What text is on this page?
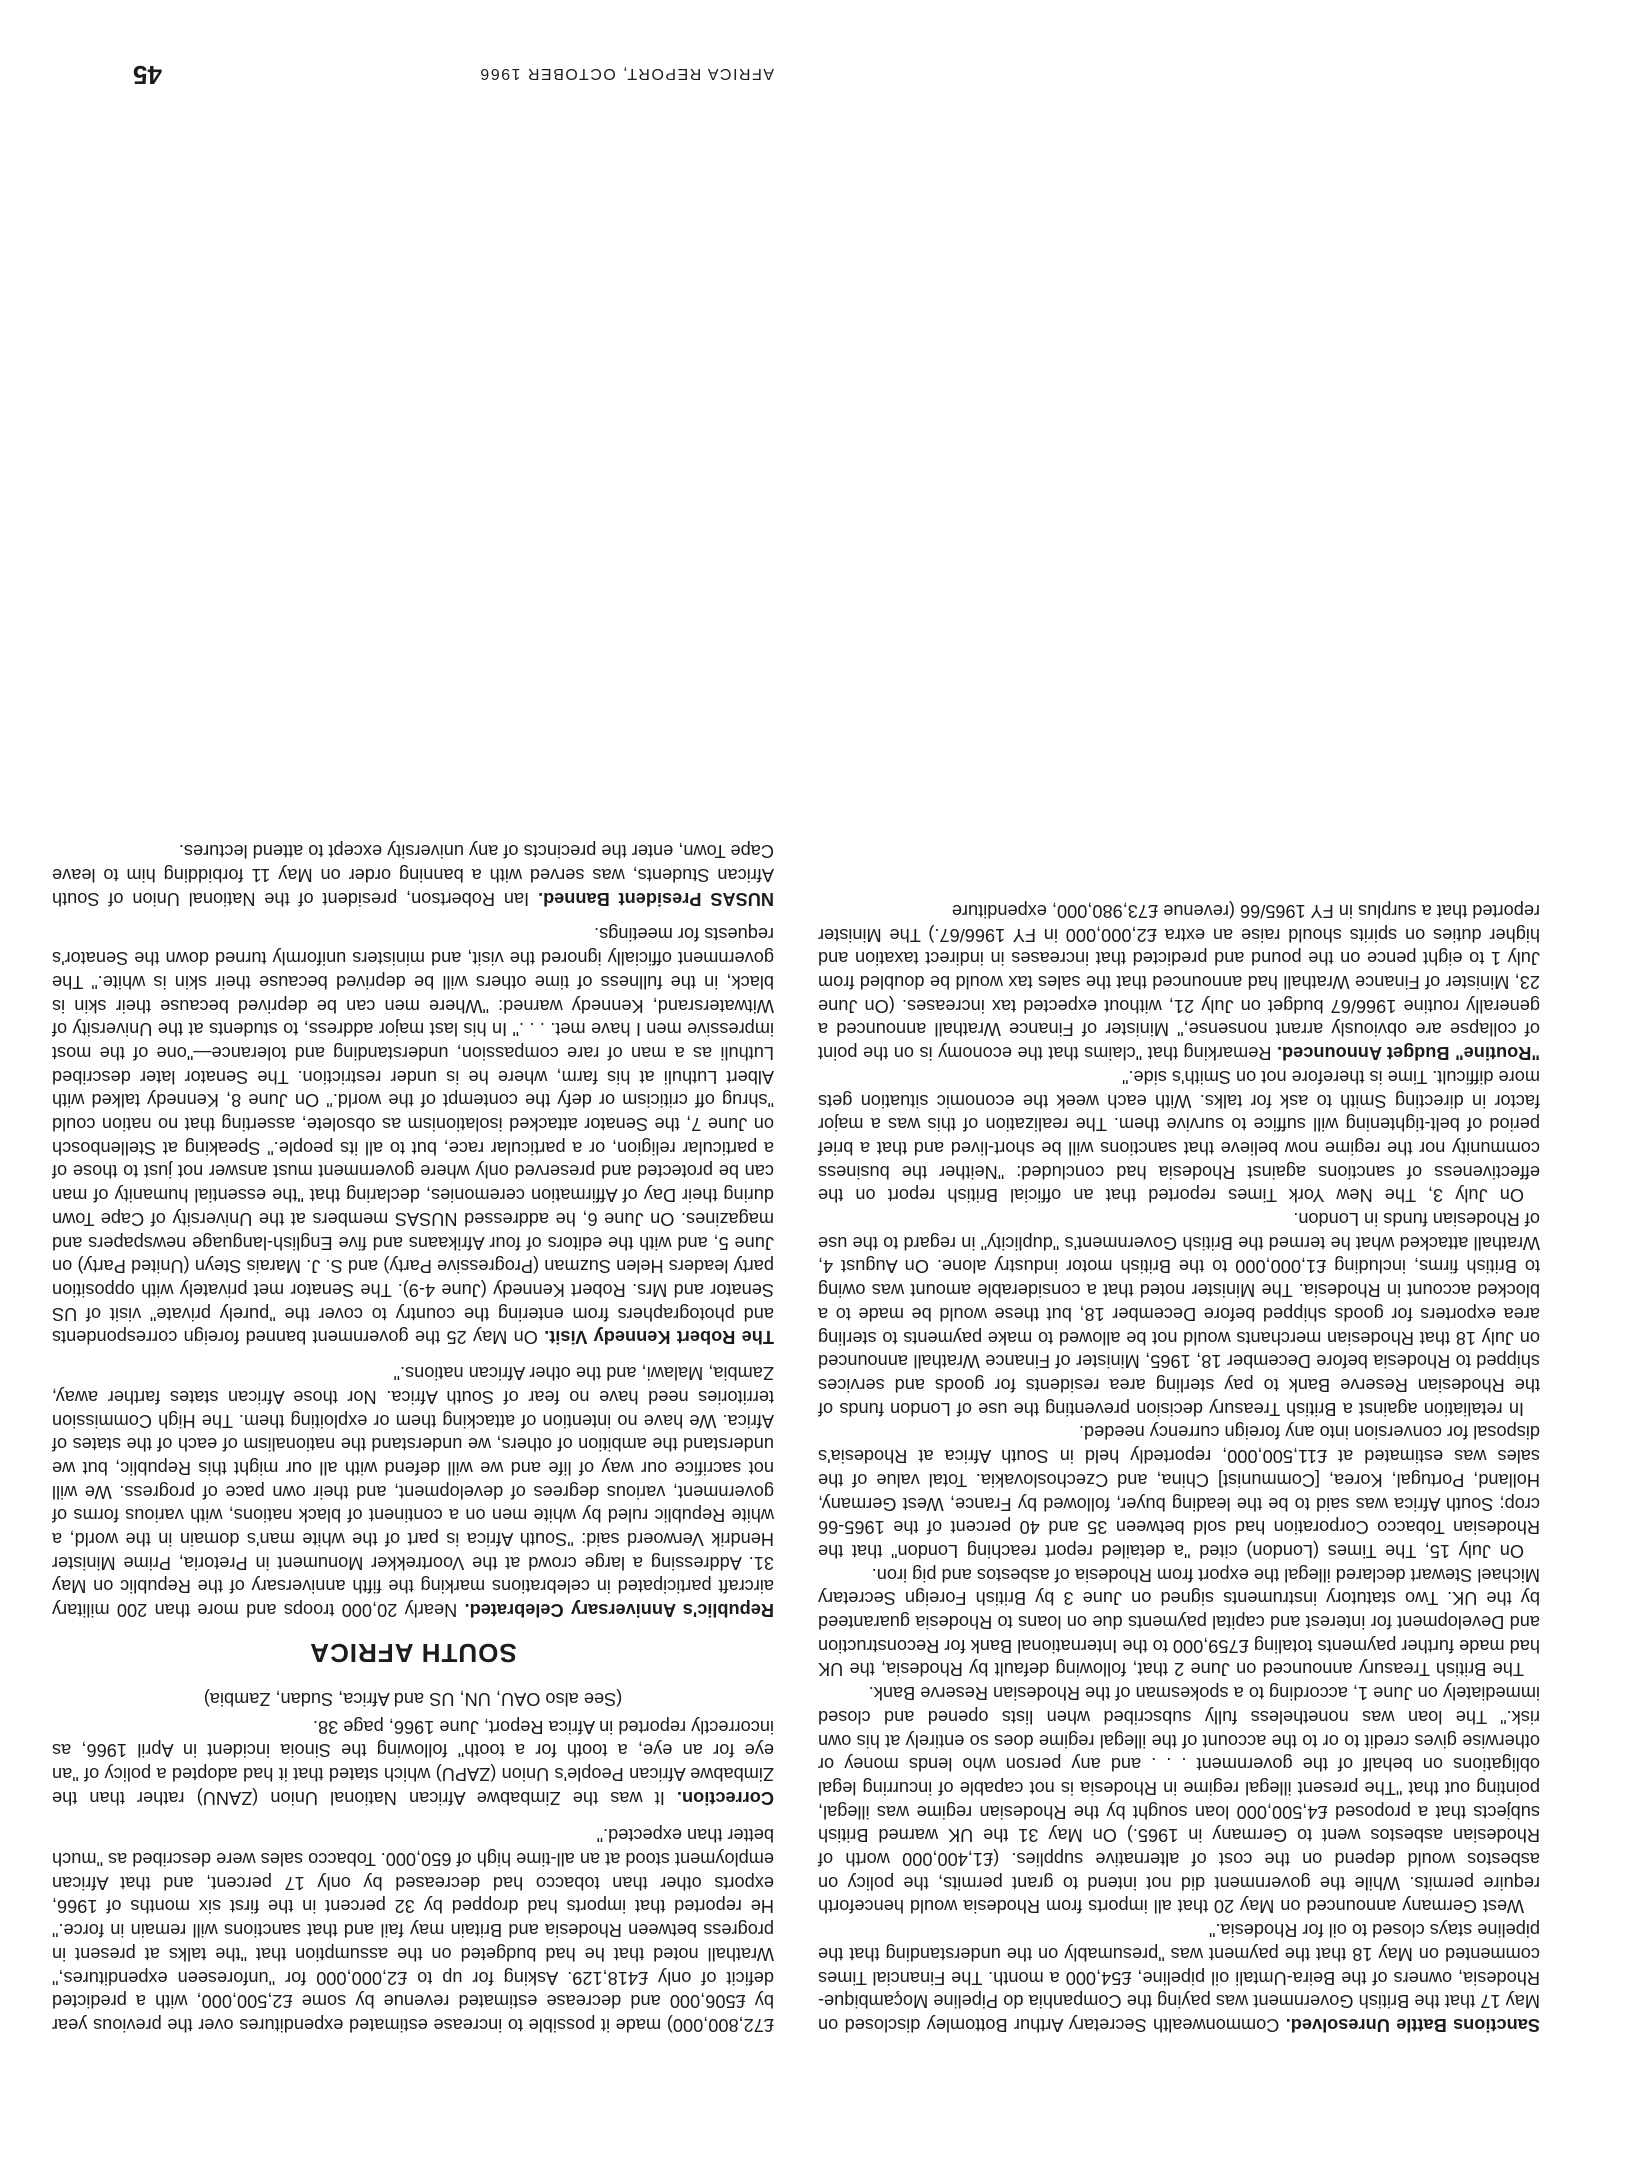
Sanctions Battle Unresolved. Commonwealth Secretary Arthur Bottomley disclosed on May 17 that the British Government was paying the Companhia do Pipeline Moçambique-Rhodesia, owners of the Beira-Umtali oil pipeline, £54,000 a month. The Financial Times commented on May 18 that the payment was "presumably on the understanding that the pipeline stays closed to oil for Rhodesia."

West Germany announced on May 20 that all imports from Rhodesia would henceforth require permits. While the government did not intend to grant permits, the policy on asbestos would depend on the cost of alternative supplies. (£1,400,000 worth of Rhodesian asbestos went to Germany in 1965.) On May 31 the UK warned British subjects that a proposed £4,500,000 loan sought by the Rhodesian regime was illegal, pointing out that "The present illegal regime in Rhodesia is not capable of incurring legal obligations on behalf of the government . . . and any person who lends money or otherwise gives credit to or to the account of the illegal regime does so entirely at his own risk." The loan was nonetheless fully subscribed when lists opened and closed immediately on June 1, according to a spokesman of the Rhodesian Reserve Bank.

The British Treasury announced on June 2 that, following default by Rhodesia, the UK had made further payments totaling £759,000 to the International Bank for Reconstruction and Development for interest and capital payments due on loans to Rhodesia guaranteed by the UK. Two statutory instruments signed on June 3 by British Foreign Secretary Michael Stewart declared illegal the export from Rhodesia of asbestos and pig iron.

On July 15, The Times (London) cited "a detailed report reaching London" that the Rhodesian Tobacco Corporation had sold between 35 and 40 percent of the 1965-66 crop; South Africa was said to be the leading buyer, followed by France, West Germany, Holland, Portugal, Korea, [Communist] China, and Czechoslovakia. Total value of the sales was estimated at £11,500,000, reportedly held in South Africa at Rhodesia's disposal for conversion into any foreign currency needed.

In retaliation against a British Treasury decision preventing the use of London funds of the Rhodesian Reserve Bank to pay sterling area residents for goods and services shipped to Rhodesia before December 18, 1965, Minister of Finance Wrathall announced on July 18 that Rhodesian merchants would not be allowed to make payments to sterling area exporters for goods shipped before December 18, but these would be made to a blocked account in Rhodesia. The Minister noted that a considerable amount was owing to British firms, including £1,000,000 to the British motor industry alone. On August 4, Wrathall attacked what he termed the British Government's "duplicity" in regard to the use of Rhodesian funds in London.

On July 3, The New York Times reported that an official British report on the effectiveness of sanctions against Rhodesia had concluded: "Neither the business community nor the regime now believe that sanctions will be short-lived and that a brief period of belt-tightening will suffice to survive them. The realization of this was a major factor in directing Smith to ask for talks. With each week the economic situation gets more difficult. Time is therefore not on Smith's side."

"Routine" Budget Announced. Remarking that "claims that the economy is on the point of collapse are obviously arrant nonsense," Minister of Finance Wrathall announced a generally routine 1966/67 budget on July 21, without expected tax increases. (On June 23, Minister of Finance Wrathall had announced that the sales tax would be doubled from July 1 to eight pence on the pound and predicted that increases in indirect taxation and higher duties on spirits should raise an extra £2,000,000 in FY 1966/67.) The Minister reported that a surplus in FY 1965/66 (revenue £73,980,000, expenditure

£72,800,000) made it possible to increase estimated expenditures over the previous year by £506,000 and decrease estimated revenue by some £2,500,000, with a predicted deficit of only £418,129. Asking for up to £2,000,000 for "unforeseen expenditures," Wrathall noted that he had budgeted on the assumption that "the talks at present in progress between Rhodesia and Britain may fail and that sanctions will remain in force." He reported that imports had dropped by 32 percent in the first six months of 1966, exports other than tobacco had decreased by only 17 percent, and that African employment stood at an all-time high of 650,000. Tobacco sales were described as "much better than expected."

Correction. It was the Zimbabwe African National Union (ZANU) rather than the Zimbabwe African People's Union (ZAPU) which stated that it had adopted a policy of "an eye for an eye, a tooth for a tooth" following the Sinoia incident in April 1966, as incorrectly reported in Africa Report, June 1966, page 38.

(See also OAU, UN, US and Africa, Sudan, Zambia)

SOUTH AFRICA

Republic's Anniversary Celebrated. Nearly 20,000 troops and more than 200 military aircraft participated in celebrations marking the fifth anniversary of the Republic on May 31. Addressing a large crowd at the Voortrekker Monument in Pretoria, Prime Minister Hendrik Verwoerd said: "South Africa is part of the white man's domain in the world, a white Republic ruled by white men on a continent of black nations, with various forms of government, various degrees of development, and their own pace of progress. We will not sacrifice our way of life and we will defend with all our might this Republic, but we understand the ambition of others, we understand the nationalism of each of the states of Africa. We have no intention of attacking them or exploiting them. The High Commission territories need have no fear of South Africa. Nor those African states farther away, Zambia, Malawi, and the other African nations."

The Robert Kennedy Visit. On May 25 the government banned foreign correspondents and photographers from entering the country to cover the "purely private" visit of US Senator and Mrs. Robert Kennedy (June 4-9). The Senator met privately with opposition party leaders Helen Suzman (Progressive Party) and S. J. Marais Steyn (United Party) on June 5, and with the editors of four Afrikaans and five English-language newspapers and magazines. On June 6, he addressed NUSAS members at the University of Cape Town during their Day of Affirmation ceremonies, declaring that "the essential humanity of man can be protected and preserved only where government must answer not just to those of a particular religion, or a particular race, but to all its people." Speaking at Stellenbosch on June 7, the Senator attacked isolationism as obsolete, asserting that no nation could "shrug off criticism or defy the contempt of the world." On June 8, Kennedy talked with Albert Luthuli at his farm, where he is under restriction. The Senator later described Luthuli as a man of rare compassion, understanding and tolerance—"one of the most impressive men I have met. . . ." In his last major address, to students at the University of Witwatersrand, Kennedy warned: "Where men can be deprived because their skin is black, in the fullness of time others will be deprived because their skin is white." The government officially ignored the visit, and ministers uniformly turned down the Senator's requests for meetings.

NUSAS President Banned. Ian Robertson, president of the National Union of South African Students, was served with a banning order on May 11 forbidding him to leave Cape Town, enter the precincts of any university except to attend lectures.

AFRICA REPORT, OCTOBER 1966
45
